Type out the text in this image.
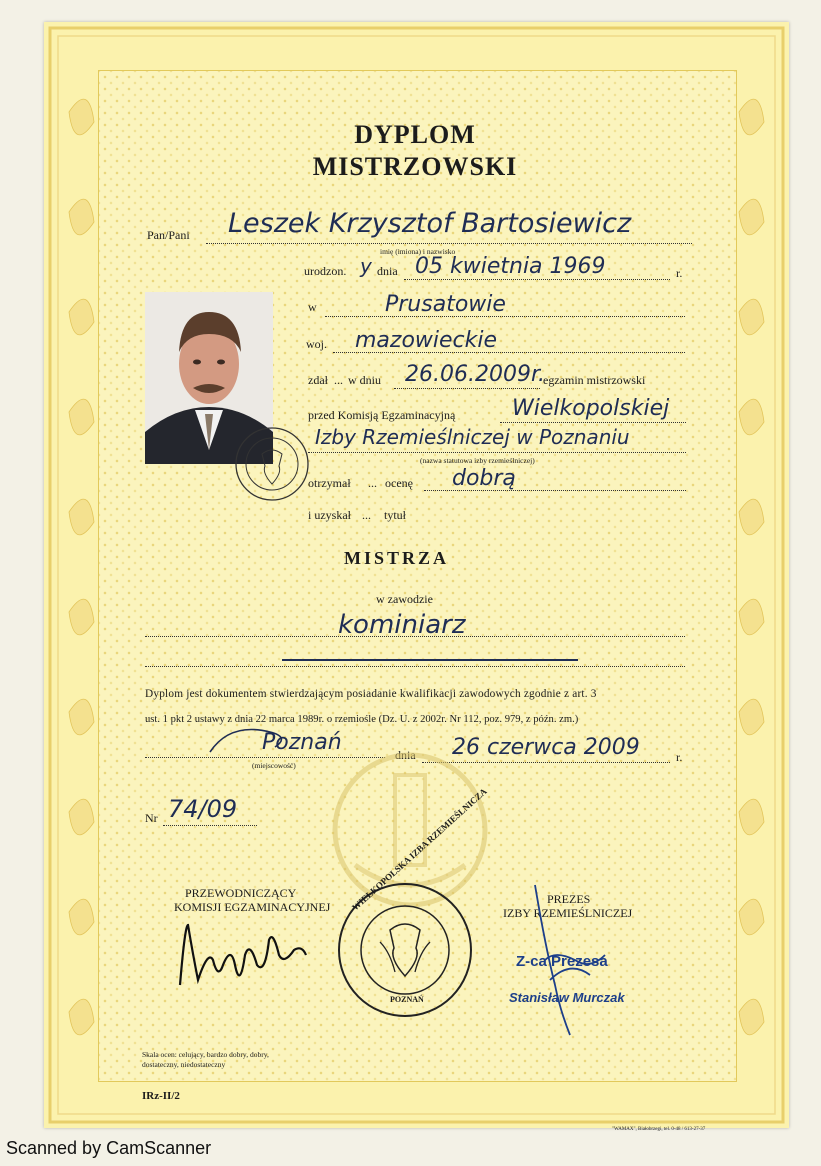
DYPLOM
MISTRZOWSKI
Pan/Pani Leszek Krzysztof Bartosiewicz
imię (imiona) i nazwisko
urodzon. y dnia 05 kwietnia 1969	r.
w	Prusatowie
woj. mazowieckie
zdał ... w dniu 26.06.2009r.
egzamin mistrzowski
przed Komisją Egzaminacyjną	Wielkopolskiej
Izby Rzemieślniczej w Poznaniu
(nazwa statutowa izby rzemieślniczej)
otrzymał ... ocenę dobrą
i uzyskał ... tytuł
MISTRZA
w zawodzie
kominiarz
Dyplom jest dokumentem stwierdzającym posiadanie kwalifikacji zawodowych zgodnie z art. 3
ust. 1 pkt 2 ustawy z dnia 22 marca 1989r. o rzemiośle (Dz. U. z 2002r. Nr 112, poz. 979, z późn. zm.)
Poznań
(miejscowość)
dnia 26 czerwca 2009	r.
Nr 74/09
PRZEWODNICZĄCY
KOMISJI EGZAMINACYJNEJ WIELKOPOLSKA IZBA RZEMIEŚLNICZA
POZNAŃ
PREZES
IZBY RZEMIEŚLNICZEJ
Z-ca Prezesa
Stanisław Murczak
Skala ocen: celujący, bardzo dobry, dobry,
dostateczny, niedostateczny
IRz-II/2
"WAMAX", Białobrzegi, tel. 0-48 / 613-27-37
Scanned by CamScanner
